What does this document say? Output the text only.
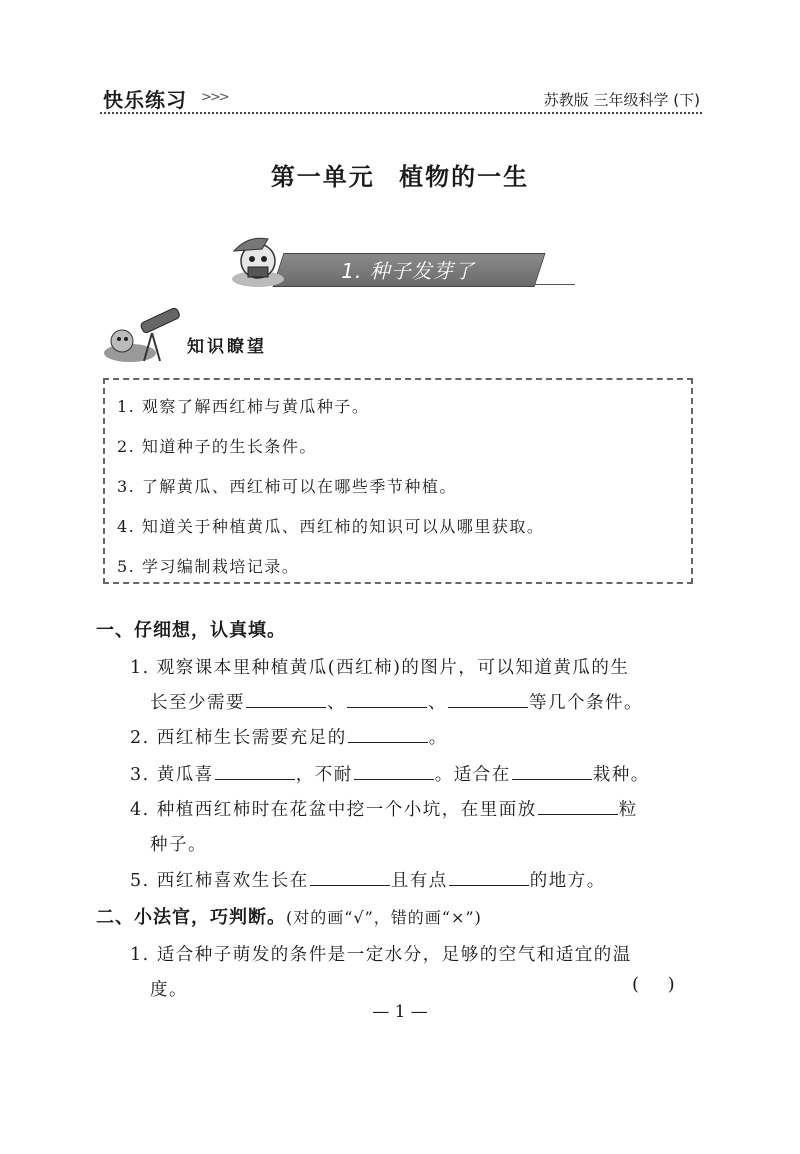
快乐练习 >>>	苏教版 三年级科学 (下)
第一单元 植物的一生
1. 种子发芽了
知识瞭望
1. 观察了解西红柿与黄瓜种子。
2. 知道种子的生长条件。
3. 了解黄瓜、西红柿可以在哪些季节种植。
4. 知道关于种植黄瓜、西红柿的知识可以从哪里获取。
5. 学习编制栽培记录。
一、仔细想，认真填。
1. 观察课本里种植黄瓜(西红柿)的图片，可以知道黄瓜的生
长至少需要	、	、	等几个条件。
2. 西红柿生长需要充足的	。
3. 黄瓜喜	，不耐	。适合在	栽种。
4. 种植西红柿时在花盆中挖一个小坑，在里面放	粒
种子。
5. 西红柿喜欢生长在	且有点	的地方。
二、小法官，巧判断。(对的画“√”，错的画“×”)
1. 适合种子萌发的条件是一定水分，足够的空气和适宜的温
度。	(     )
— 1 —
